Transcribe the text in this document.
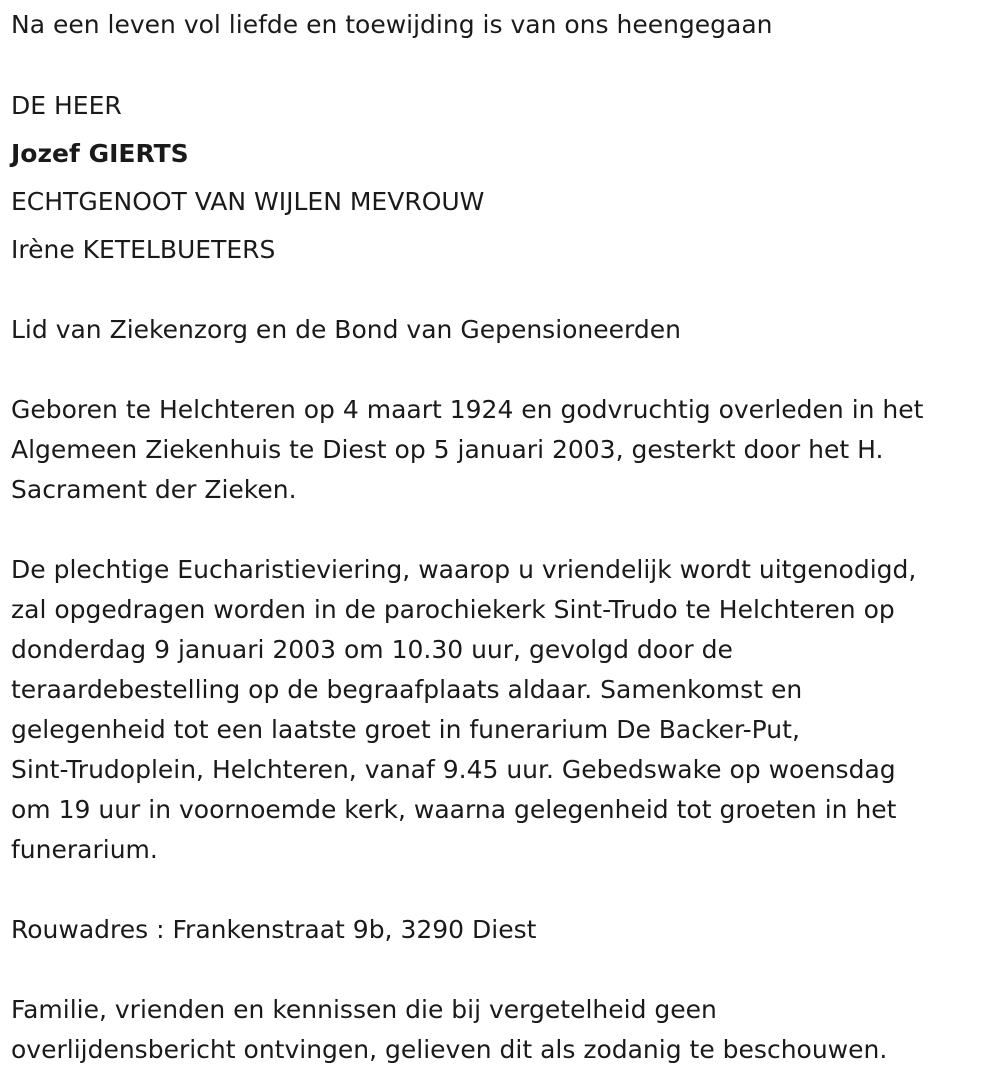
Na een leven vol liefde en toewijding is van ons heengegaan
DE HEER
Jozef GIERTS
ECHTGENOOT VAN WIJLEN MEVROUW
Irène KETELBUETERS
Lid van Ziekenzorg en de Bond van Gepensioneerden
Geboren te Helchteren op 4 maart 1924 en godvruchtig overleden in het
Algemeen Ziekenhuis te Diest op 5 januari 2003, gesterkt door het H.
Sacrament der Zieken.
De plechtige Eucharistieviering, waarop u vriendelijk wordt uitgenodigd,
zal opgedragen worden in de parochiekerk Sint-Trudo te Helchteren op
donderdag 9 januari 2003 om 10.30 uur, gevolgd door de
teraardebestelling op de begraafplaats aldaar. Samenkomst en
gelegenheid tot een laatste groet in funerarium De Backer-Put,
Sint-Trudoplein, Helchteren, vanaf 9.45 uur. Gebedswake op woensdag
om 19 uur in voornoemde kerk, waarna gelegenheid tot groeten in het
funerarium.
Rouwadres : Frankenstraat 9b, 3290 Diest
Familie, vrienden en kennissen die bij vergetelheid geen
overlijdensbericht ontvingen, gelieven dit als zodanig te beschouwen.
